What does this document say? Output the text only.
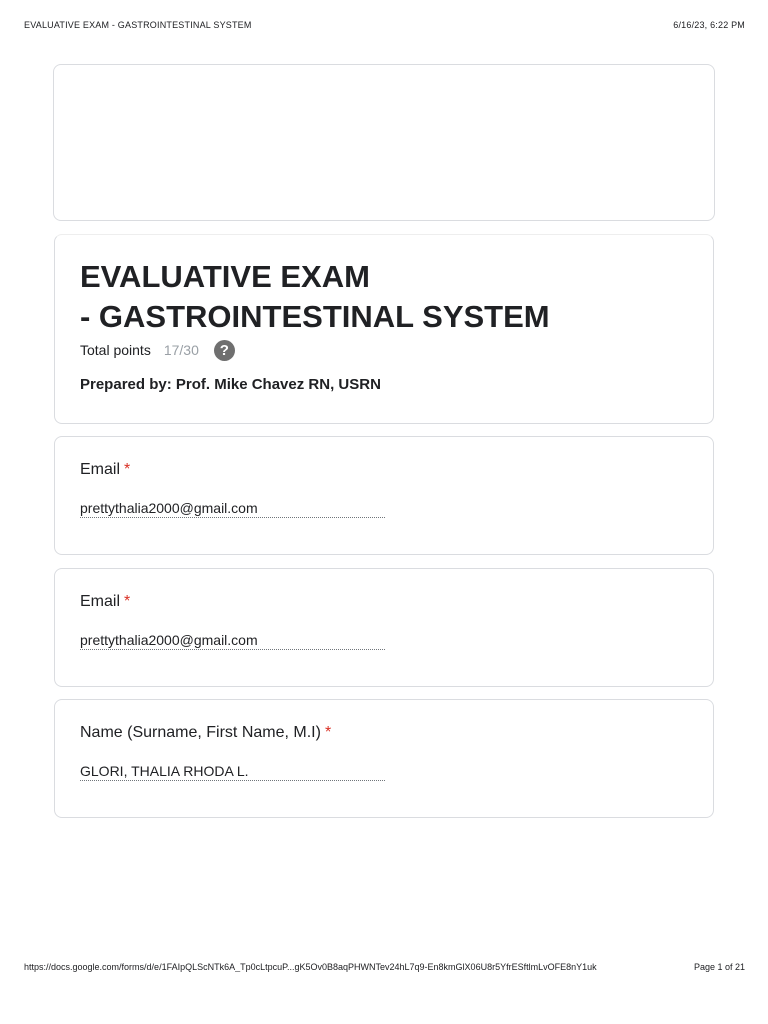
EVALUATIVE EXAM - GASTROINTESTINAL SYSTEM	6/16/23, 6:22 PM
EVALUATIVE EXAM
- GASTROINTESTINAL SYSTEM
Total points 17/30	?
Prepared by: Prof. Mike Chavez RN, USRN
Email *
prettythalia2000@gmail.com
Email *
prettythalia2000@gmail.com
Name (Surname, First Name, M.I) *
GLORI, THALIA RHODA L.
https://docs.google.com/forms/d/e/1FAIpQLScNTk6A_Tp0cLtpcuP...gK5Ov0B8aqPHWNTev24hL7q9-En8kmGlX06U8r5YfrESftlmLvOFE8nY1uk	Page 1 of 21
